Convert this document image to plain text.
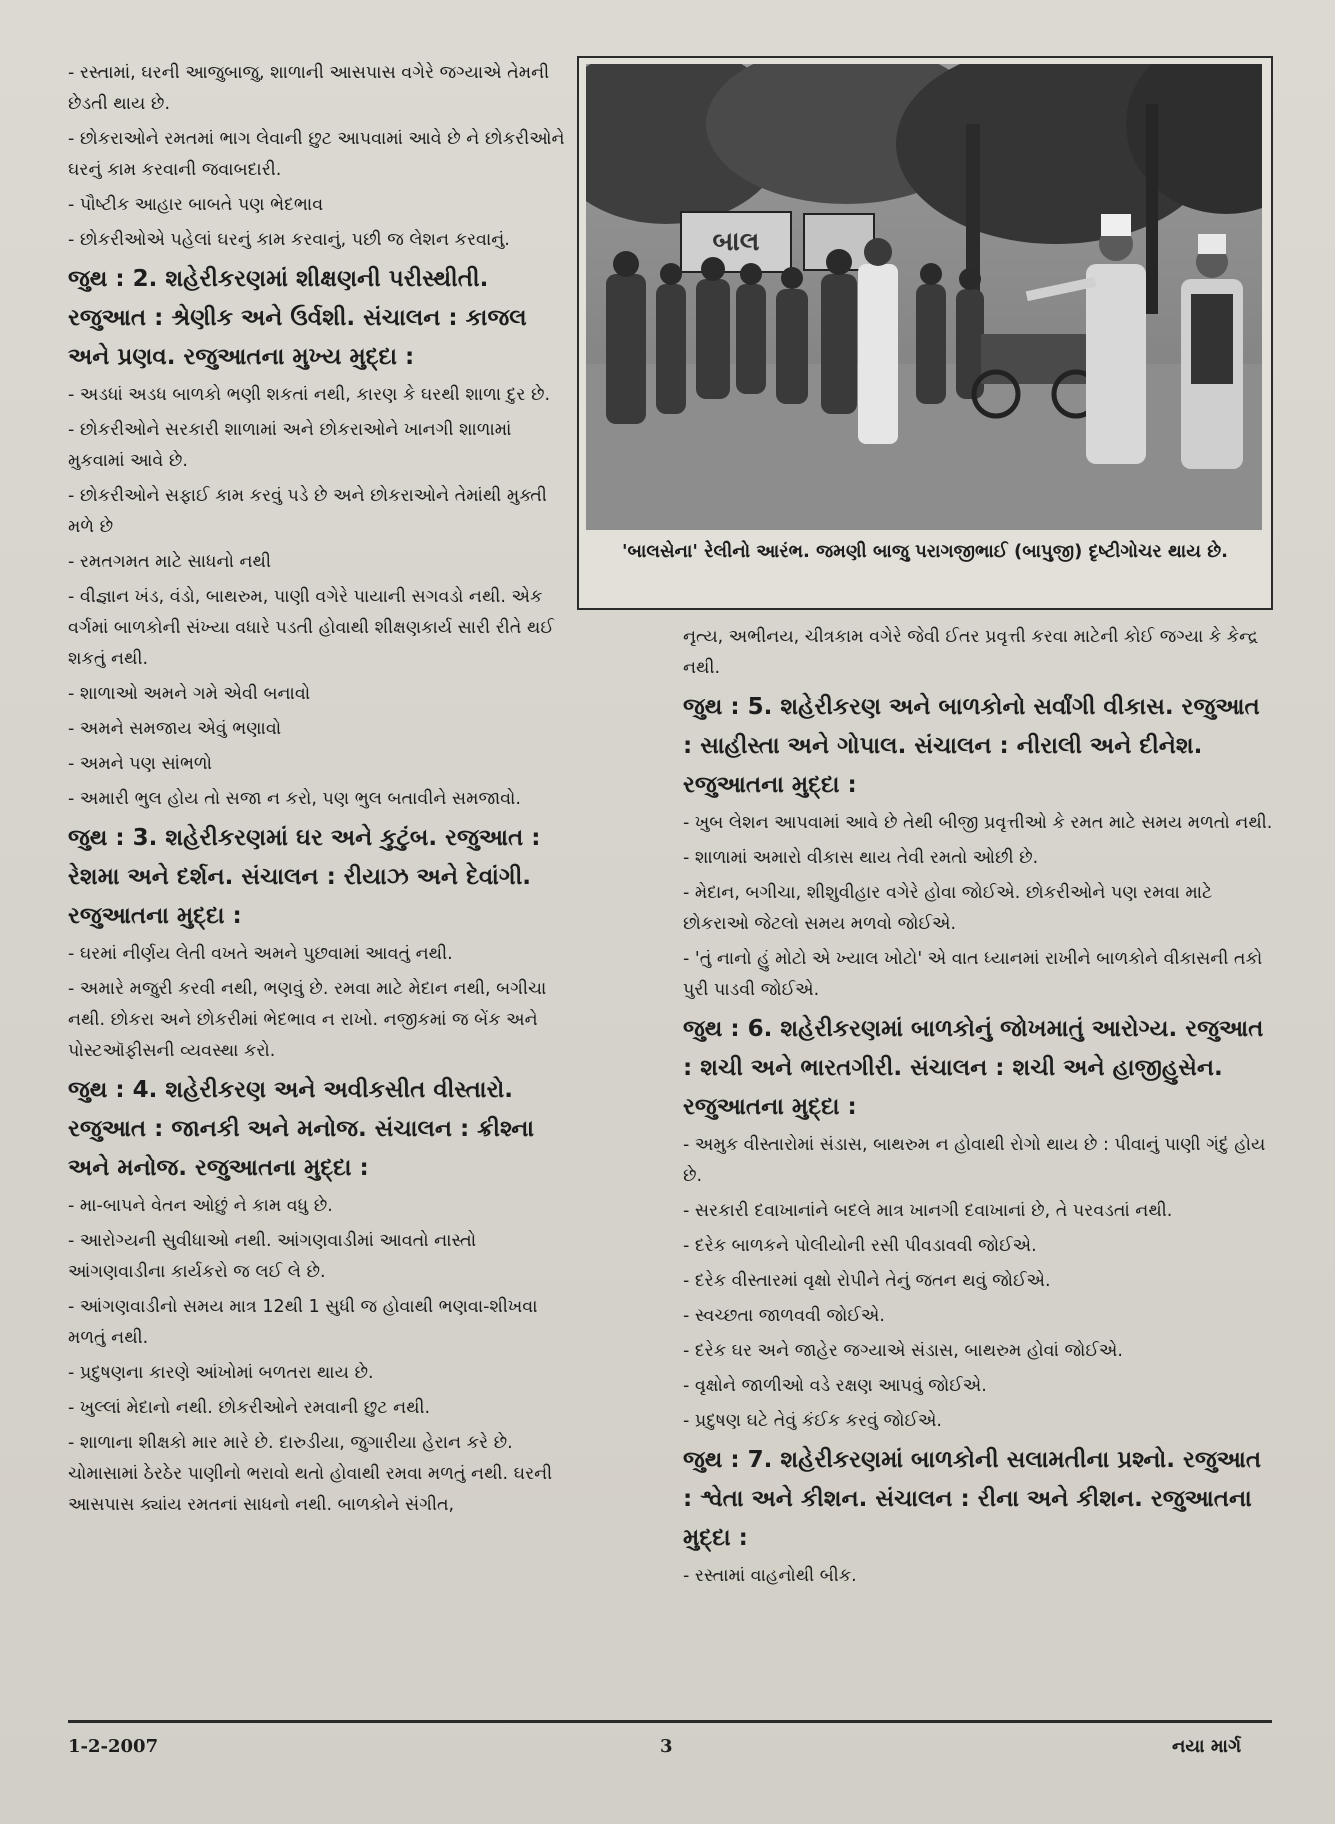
- રસ્તામાં, ઘરની આજુબાજુ, શાળાની આસપાસ વગેરે જગ્યાએ તેમની છેડતી થાય છે.
- છોકરાઓને રમતમાં ભાગ લેવાની છુટ આપવામાં આવે છે ને છોકરીઓને ઘરનું કામ કરવાની જવાબદારી.
- પૌષ્ટીક આહાર બાબતે પણ ભેદભાવ
- છોકરીઓએ પહેલાં ઘરનું કામ કરવાનું, પછી જ લેશન કરવાનું.
જુથ : 2. શહેરીકરણમાં શીક્ષણની પરીસ્થીતી. રજુઆત : શ્રેણીક અને ઉર્વશી. સંચાલન : કાજલ અને પ્રણવ. રજુઆતના મુખ્ય મુદ્દા :
- અડધાં અડધ બાળકો ભણી શકતાં નથી, કારણ કે ઘરથી શાળા દુર છે.
- છોકરીઓને સરકારી શાળામાં અને છોકરાઓને ખાનગી શાળામાં મુકવામાં આવે છે.
- છોકરીઓને સફાઈ કામ કરવું પડે છે અને છોકરાઓને તેમાંથી મુક્તી મળે છે
- રમતગમત માટે સાધનો નથી
- વીજ્ઞાન ખંડ, વંડો, બાથરુમ, પાણી વગેરે પાયાની સગવડો નથી. એક વર્ગમાં બાળકોની સંખ્યા વધારે પડતી હોવાથી શીક્ષણકાર્ય સારી રીતે થઈ શકતું નથી.
- શાળાઓ અમને ગમે એવી બનાવો
- અમને સમજાય એવું ભણાવો
- અમને પણ સાંભળો
- અમારી ભુલ હોય તો સજા ન કરો, પણ ભુલ બતાવીને સમજાવો.
જુથ : 3. શહેરીકરણમાં ઘર અને કુટુંબ. રજુઆત : રેશમા અને દર્શન. સંચાલન : રીયાઝ અને દેવાંગી. રજુઆતના મુદ્દા :
- ઘરમાં નીર્ણય લેતી વખતે અમને પુછવામાં આવતું નથી.
- અમારે મજુરી કરવી નથી, ભણવું છે. રમવા માટે મેદાન નથી, બગીચા નથી. છોકરા અને છોકરીમાં ભેદભાવ ન રાખો. નજીકમાં જ બેંક અને પોસ્ટઑફીસની વ્યવસ્થા કરો.
જુથ : 4. શહેરીકરણ અને અવીકસીત વીસ્તારો. રજુઆત : જાનકી અને મનોજ. સંચાલન : ક્રીશ્ના અને મનોજ. રજુઆતના મુદ્દા :
- મા-બાપને વેતન ઓછું ને કામ વધુ છે.
- આરોગ્યની સુવીધાઓ નથી. આંગણવાડીમાં આવતો નાસ્તો આંગણવાડીના કાર્યકરો જ લઈ લે છે.
- આંગણવાડીનો સમય માત્ર 12થી 1 સુધી જ હોવાથી ભણવા-શીખવા મળતું નથી.
- પ્રદુષણના કારણે આંખોમાં બળતરા થાય છે.
- ખુલ્લાં મેદાનો નથી. છોકરીઓને રમવાની છુટ નથી.
- શાળાના શીક્ષકો માર મારે છે. દારુડીયા, જુગારીયા હેરાન કરે છે. ચોમાસામાં ઠેરઠેર પાણીનો ભરાવો થતો હોવાથી રમવા મળતું નથી. ઘરની આસપાસ ક્યાંય રમતનાં સાધનો નથી. બાળકોને સંગીત,
બાલ
'બાલસેના' રેલીનો આરંભ. જમણી બાજુ પરાગજીભાઈ (બાપુજી) દૃષ્ટીગોચર થાય છે.
નૃત્ય, અભીનય, ચીત્રકામ વગેરે જેવી ઈતર પ્રવૃત્તી કરવા માટેની કોઈ જગ્યા કે કેન્દ્ર નથી.
જુથ : 5. શહેરીકરણ અને બાળકોનો સર્વાંગી વીકાસ. રજુઆત : સાહીસ્તા અને ગોપાલ. સંચાલન : નીરાલી અને દીનેશ. રજુઆતના મુદ્દા :
- ખુબ લેશન આપવામાં આવે છે તેથી બીજી પ્રવૃત્તીઓ કે રમત માટે સમય મળતો નથી.
- શાળામાં અમારો વીકાસ થાય તેવી રમતો ઓછી છે.
- મેદાન, બગીચા, શીશુવીહાર વગેરે હોવા જોઈએ. છોકરીઓને પણ રમવા માટે છોકરાઓ જેટલો સમય મળવો જોઈએ.
- 'તું નાનો હું મોટો એ ખ્યાલ ખોટો' એ વાત ધ્યાનમાં રાખીને બાળકોને વીકાસની તકો પુરી પાડવી જોઈએ.
જુથ : 6. શહેરીકરણમાં બાળકોનું જોખમાતું આરોગ્ય. રજુઆત : શચી અને ભારતગીરી. સંચાલન : શચી અને હાજીહુસેન. રજુઆતના મુદ્દા :
- અમુક વીસ્તારોમાં સંડાસ, બાથરુમ ન હોવાથી રોગો થાય છે : પીવાનું પાણી ગંદું હોય છે.
- સરકારી દવાખાનાંને બદલે માત્ર ખાનગી દવાખાનાં છે, તે પરવડતાં નથી.
- દરેક બાળકને પોલીયોની રસી પીવડાવવી જોઈએ.
- દરેક વીસ્તારમાં વૃક્ષો રોપીને તેનું જતન થવું જોઈએ.
- સ્વચ્છતા જાળવવી જોઈએ.
- દરેક ઘર અને જાહેર જગ્યાએ સંડાસ, બાથરુમ હોવાં જોઈએ.
- વૃક્ષોને જાળીઓ વડે રક્ષણ આપવું જોઈએ.
- પ્રદુષણ ઘટે તેવું કંઈક કરવું જોઈએ.
જુથ : 7. શહેરીકરણમાં બાળકોની સલામતીના પ્રશ્નો. રજુઆત : શ્વેતા અને કીશન. સંચાલન : રીના અને કીશન. રજુઆતના મુદ્દા :
- રસ્તામાં વાહનોથી બીક.
1-2-2007	3	નયા માર્ગ
